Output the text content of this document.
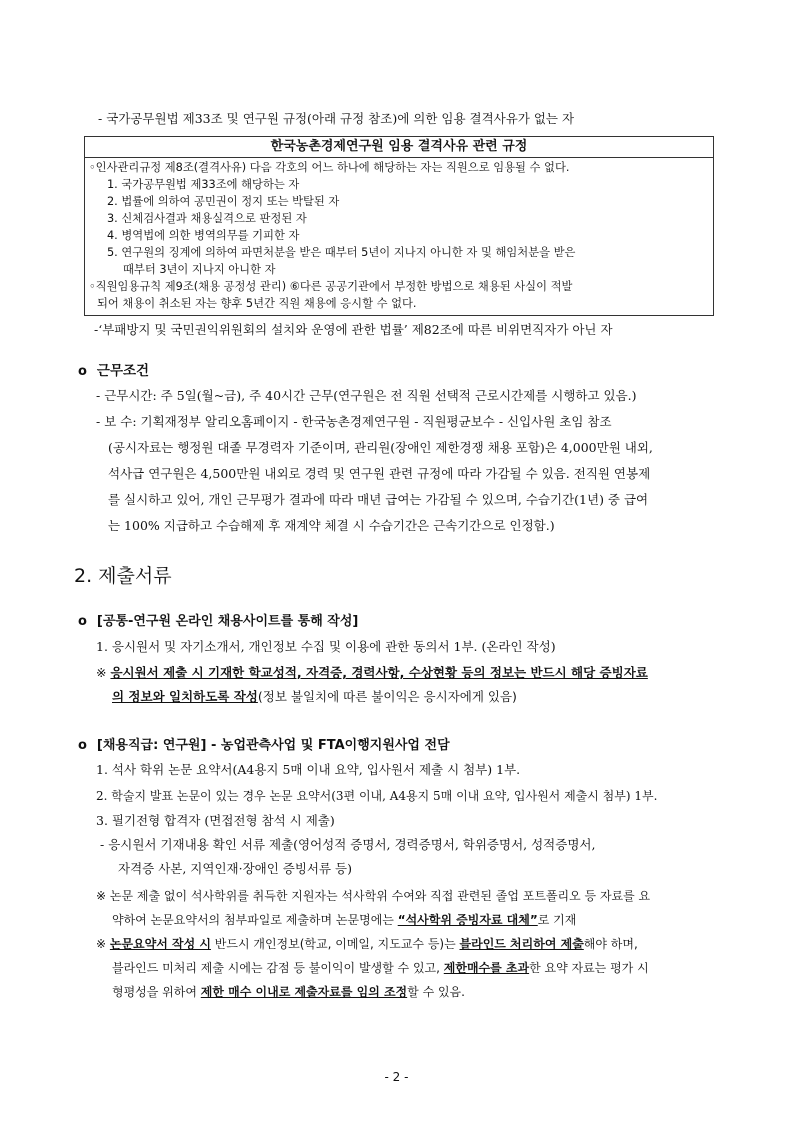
- 국가공무원법 제33조 및 연구원 규정(아래 규정 참조)에 의한 임용 결격사유가 없는 자
한국농촌경제연구원 임용 결격사유 관련 규정
◦인사관리규정 제8조(결격사유) 다음 각호의 어느 하나에 해당하는 자는 직원으로 임용될 수 없다.
1. 국가공무원법 제33조에 해당하는 자
2. 법률에 의하여 공민권이 정지 또는 박탈된 자
3. 신체검사결과 채용실격으로 판정된 자
4. 병역법에 의한 병역의무를 기피한 자
5. 연구원의 징계에 의하여 파면처분을 받은 때부터 5년이 지나지 아니한 자 및 해임처분을 받은
때부터 3년이 지나지 아니한 자
◦직원임용규칙 제9조(채용 공정성 관리) ⑥다른 공공기관에서 부정한 방법으로 채용된 사실이 적발
되어 채용이 취소된 자는 향후 5년간 직원 채용에 응시할 수 없다.
-‘부패방지 및 국민권익위원회의 설치와 운영에 관한 법률’ 제82조에 따른 비위면직자가 아닌 자
ο 근무조건
- 근무시간: 주 5일(월~금), 주 40시간 근무(연구원은 전 직원 선택적 근로시간제를 시행하고 있음.)
- 보 수: 기획재정부 알리오홈페이지 - 한국농촌경제연구원 - 직원평균보수 - 신입사원 초임 참조
(공시자료는 행정원 대졸 무경력자 기준이며, 관리원(장애인 제한경쟁 채용 포함)은 4,000만원 내외,
석사급 연구원은 4,500만원 내외로 경력 및 연구원 관련 규정에 따라 가감될 수 있음. 전직원 연봉제
를 실시하고 있어, 개인 근무평가 결과에 따라 매년 급여는 가감될 수 있으며, 수습기간(1년) 중 급여
는 100% 지급하고 수습해제 후 재계약 체결 시 수습기간은 근속기간으로 인정함.)
2. 제출서류
ο [공통-연구원 온라인 채용사이트를 통해 작성]
1. 응시원서 및 자기소개서, 개인정보 수집 및 이용에 관한 동의서 1부. (온라인 작성)
※ 응시원서 제출 시 기재한 학교성적, 자격증, 경력사항, 수상현황 등의 정보는 반드시 해당 증빙자료
의 정보와 일치하도록 작성(정보 불일치에 따른 불이익은 응시자에게 있음)
ο [채용직급: 연구원] - 농업관측사업 및 FTA이행지원사업 전담
1. 석사 학위 논문 요약서(A4용지 5매 이내 요약, 입사원서 제출 시 첨부) 1부.
2. 학술지 발표 논문이 있는 경우 논문 요약서(3편 이내, A4용지 5매 이내 요약, 입사원서 제출시 첨부) 1부.
3. 필기전형 합격자 (면접전형 참석 시 제출)
- 응시원서 기재내용 확인 서류 제출(영어성적 증명서, 경력증명서, 학위증명서, 성적증명서,
자격증 사본, 지역인재·장애인 증빙서류 등)
※ 논문 제출 없이 석사학위를 취득한 지원자는 석사학위 수여와 직접 관련된 졸업 포트폴리오 등 자료를 요
약하여 논문요약서의 첨부파일로 제출하며 논문명에는 “석사학위 증빙자료 대체”로 기재
※ 논문요약서 작성 시 반드시 개인정보(학교, 이메일, 지도교수 등)는 블라인드 처리하여 제출해야 하며,
블라인드 미처리 제출 시에는 감점 등 불이익이 발생할 수 있고, 제한매수를 초과한 요약 자료는 평가 시
형평성을 위하여 제한 매수 이내로 제출자료를 임의 조정할 수 있음.
- 2 -
